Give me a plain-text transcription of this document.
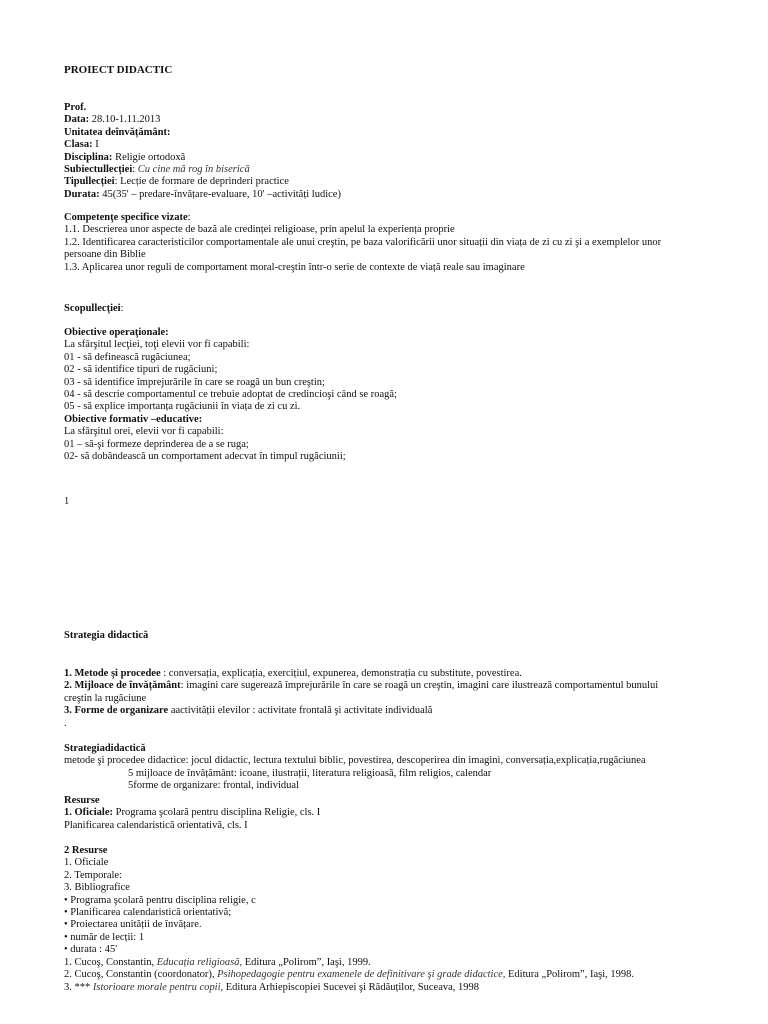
PROIECT DIDACTIC
Prof.
Data: 28.10-1.11.2013
Unitatea deînvățământ:
Clasa: I
Disciplina: Religie ortodoxă
Subiectullecției: Cu cine mă rog în biserică
Tipullecției: Lecție de formare de deprinderi practice
Durata: 45(35' – predare-învățare-evaluare, 10' –activități ludice)
Competenţe specifice vizate:
1.1. Descrierea unor aspecte de bază ale credinței religioase, prin apelul la experiența proprie
1.2. Identificarea caracteristicilor comportamentale ale unui creştin, pe baza valorificării unor situații din viața de zi cu zi şi a exemplelor unor
persoane din Biblie
1.3. Aplicarea unor reguli de comportament moral-creştin într-o serie de contexte de viață reale sau imaginare
Scopullecţiei:
Obiective operaţionale:
La sfârşitul lecţiei, toţi elevii vor fi capabili:
01 - să definească rugăciunea;
02 - să identifice tipuri de rugăciuni;
03 - să identifice împrejurările în care se roagă un bun creştin;
04 - să descrie comportamentul ce trebuie adoptat de credincioşi când se roagă;
05 - să explice importanța rugăciunii în viața de zi cu zi.
Obiective formativ –educative:
La sfârşitul orei, elevii vor fi capabili:
01 – să-şi formeze deprinderea de a se ruga;
02- să dobândească un comportament adecvat în timpul rugăciunii;
1
Strategia didactică
1. Metode şi procedee : conversația, explicația, exercițiul, expunerea, demonstrația cu substitute, povestirea.
2. Mijloace de învățământ: imagini care sugerează împrejurările în care se roagă un creştin, imagini care ilustrează comportamentul bunului
creştin la rugăciune
3. Forme de organizare aactivității elevilor : activitate frontală şi activitate individuală
.
Strategiadidactică
metode şi procedee didactice: jocul didactic, lectura textului biblic, povestirea, descoperirea din imagini, conversația,explicația,rugăciunea
5 mijloace de învățământ: icoane, ilustrații, literatura religioasă, film religios, calendar
5forme de organizare: frontal, individual
Resurse
1. Oficiale: Programa şcolară pentru disciplina Religie, cls. I
Planificarea calendaristică orientativă, cls. I
2 Resurse
1. Oficiale
2. Temporale:
3. Bibliografice
• Programa şcolară pentru disciplina religie, c
• Planificarea calendaristică orientativă;
• Proiectarea unității de învățare.
• număr de lecții: 1
• durata : 45'
1. Cucoş, Constantin, Educația religioasă, Editura „Polirom”, Iaşi, 1999.
2. Cucoş, Constantin (coordonator), Psihopedagogie pentru examenele de definitivare şi grade didactice, Editura „Polirom”, Iaşi, 1998.
3. *** Istorioare morale pentru copii, Editura Arhiepiscopiei Sucevei şi Rădăuților, Suceava, 1998
